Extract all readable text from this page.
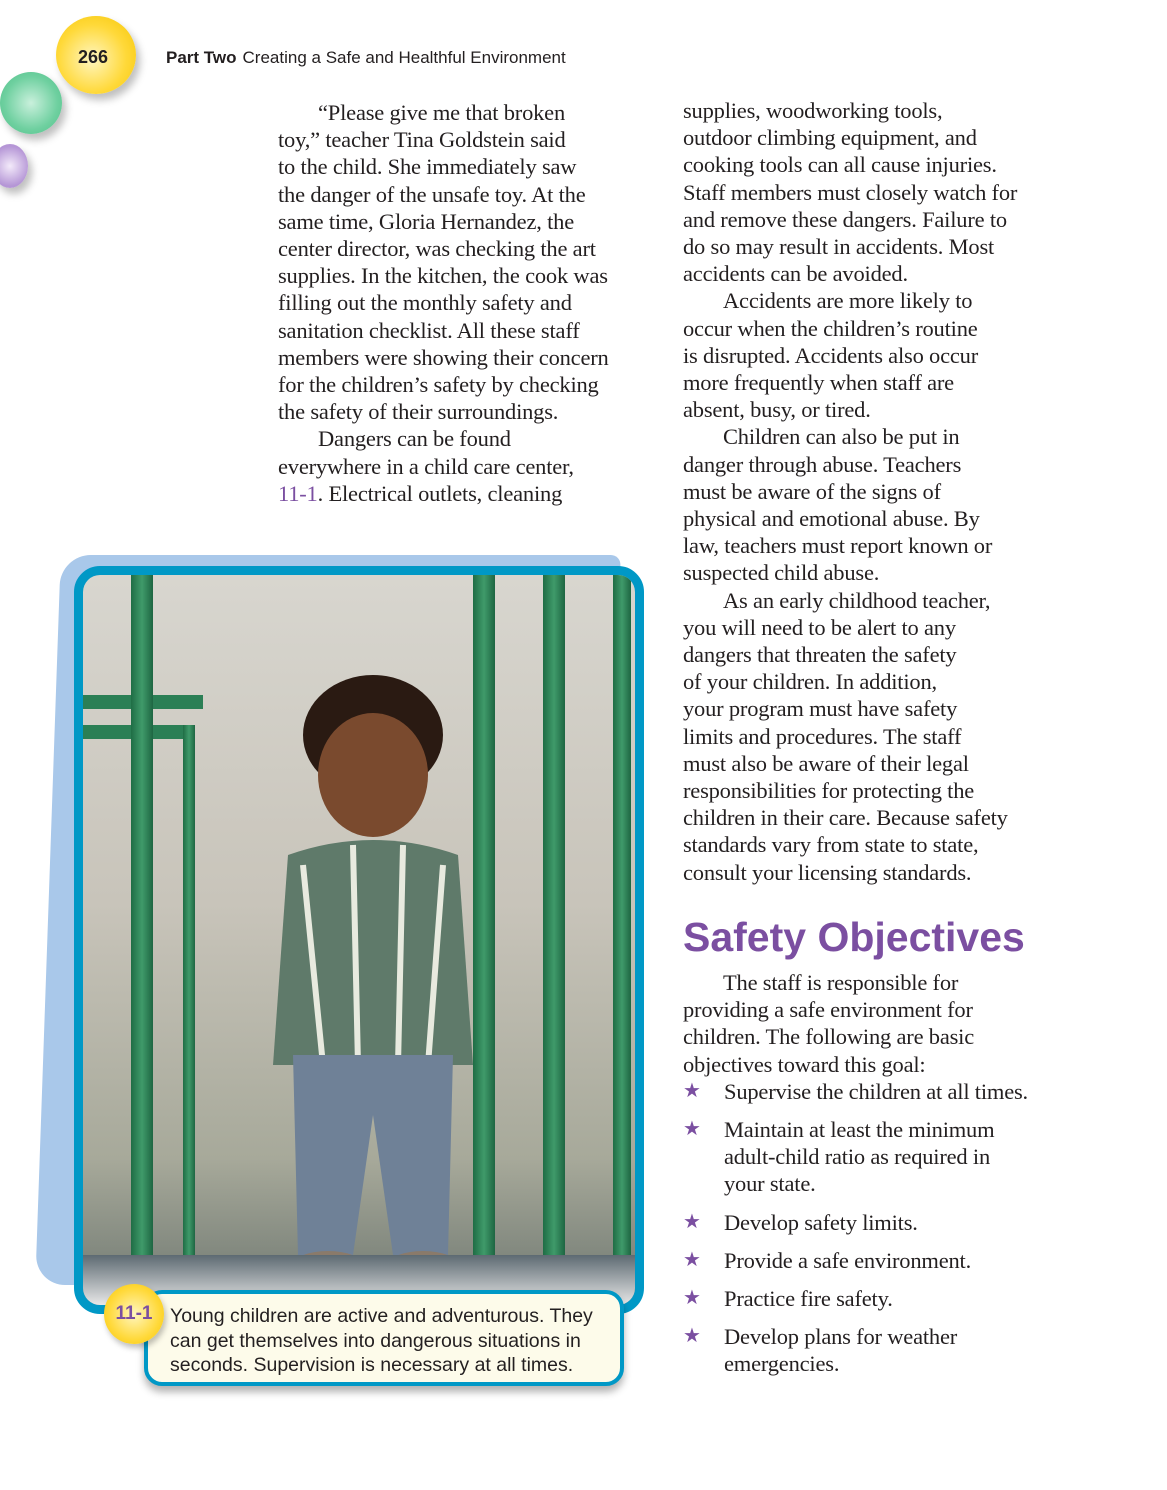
266	Part Two Creating a Safe and Healthful Environment
“Please give me that broken
toy,” teacher Tina Goldstein said
to the child. She immediately saw
the danger of the unsafe toy. At the
same time, Gloria Hernandez, the
center director, was checking the art
supplies. In the kitchen, the cook was
filling out the monthly safety and
sanitation checklist. All these staff
members were showing their concern
for the children’s safety by checking
the safety of their surroundings.
Dangers can be found
everywhere in a child care center,
11-1. Electrical outlets, cleaning
supplies, woodworking tools,
outdoor climbing equipment, and
cooking tools can all cause injuries.
Staff members must closely watch for
and remove these dangers. Failure to
do so may result in accidents. Most
accidents can be avoided.
Accidents are more likely to
occur when the children’s routine
is disrupted. Accidents also occur
more frequently when staff are
absent, busy, or tired.
Children can also be put in
danger through abuse. Teachers
must be aware of the signs of
physical and emotional abuse. By
law, teachers must report known or
suspected child abuse.
As an early childhood teacher,
you will need to be alert to any
dangers that threaten the safety
of your children. In addition,
your program must have safety
limits and procedures. The staff
must also be aware of their legal
responsibilities for protecting the
children in their care. Because safety
standards vary from state to state,
consult your licensing standards.
Safety Objectives
The staff is responsible for
providing a safe environment for
children. The following are basic
objectives toward this goal:
★ Supervise the children at all times.
★ Maintain at least the minimum
adult-child ratio as required in
your state.
★ Develop safety limits.
★ Provide a safe environment.
★ Practice fire safety.
★ Develop plans for weather
emergencies.
Young children are active and adventurous. They
can get themselves into dangerous situations in
seconds. Supervision is necessary at all times.
11-1
